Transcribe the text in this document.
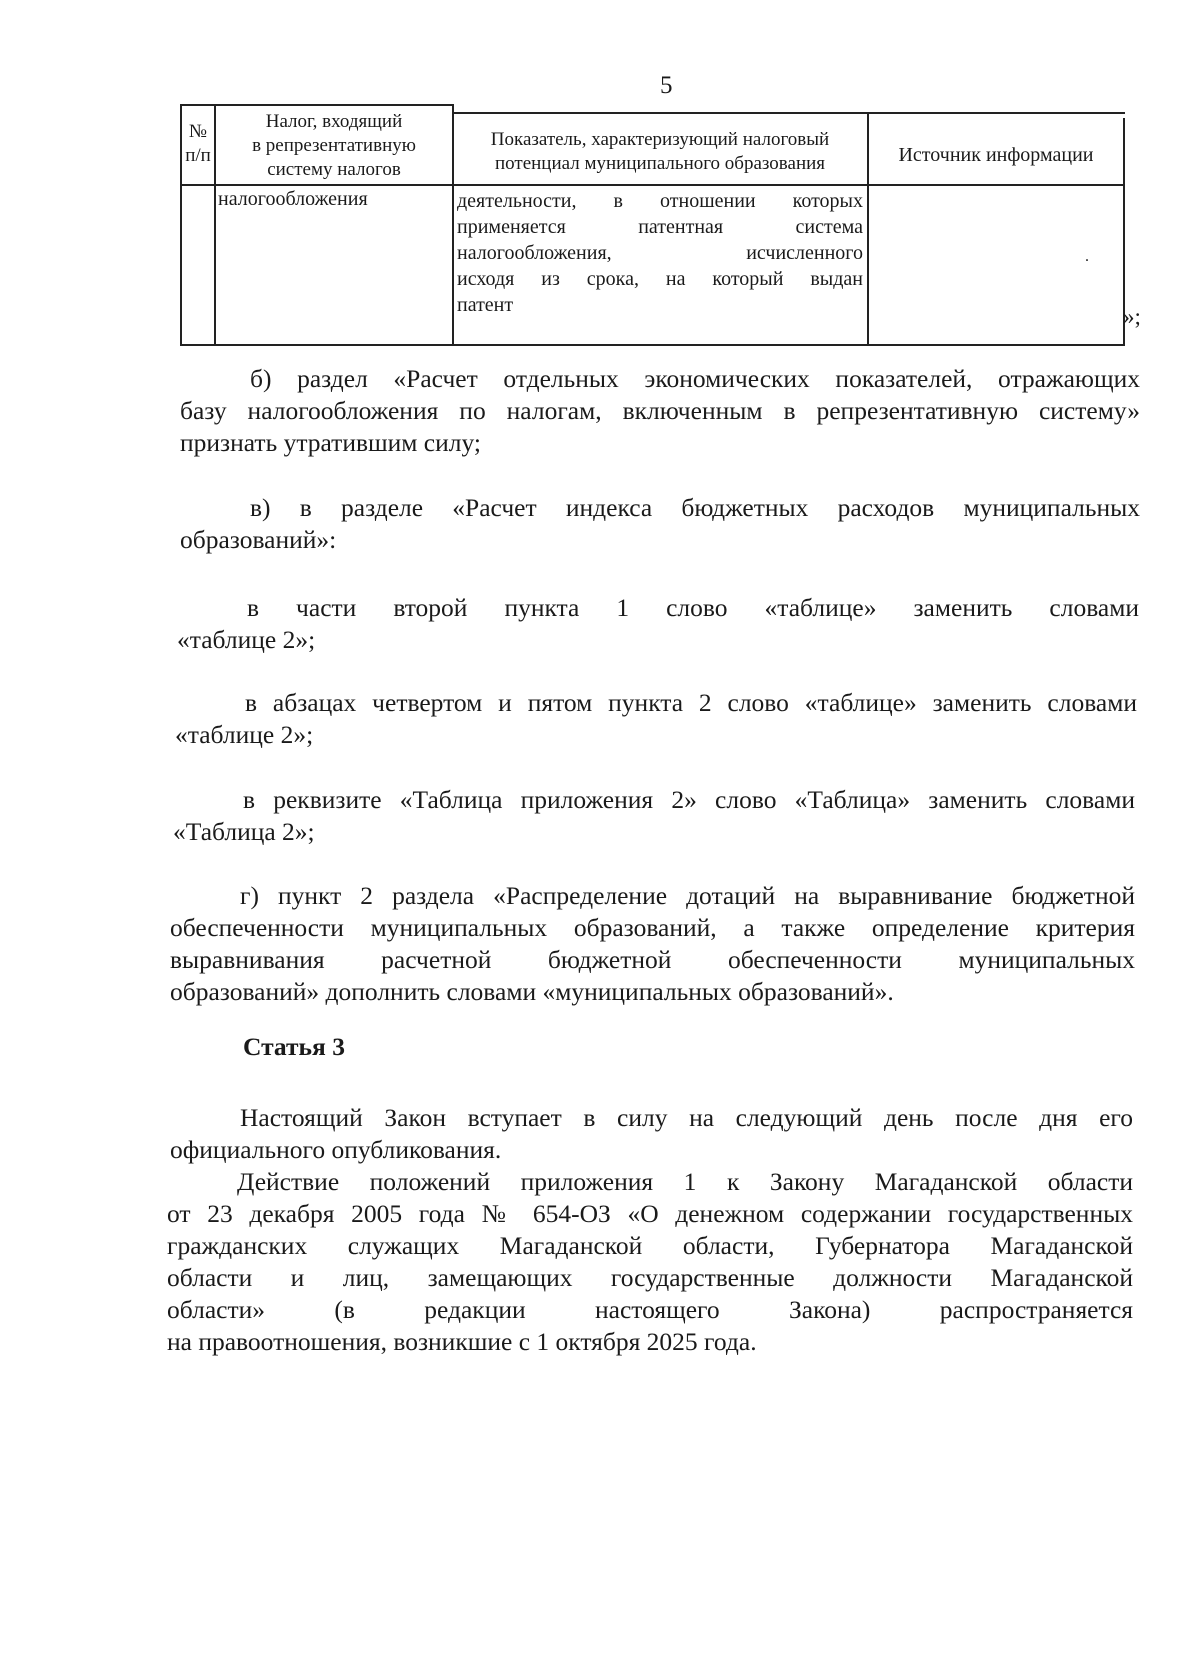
5
№
п/п
Налог, входящий
в репрезентативную
систему налогов
Показатель, характеризующий налоговый
потенциал муниципального образования	Источник информации
налогообложения	деятельности, в отношении которых
применяется патентная система
налогообложения, исчисленного
исходя из срока, на который выдан
патент
.
»;
б) раздел «Расчет отдельных экономических показателей, отражающих
базу налогообложения по налогам, включенным в репрезентативную систему»
признать утратившим силу;
в) в разделе «Расчет индекса бюджетных расходов муниципальных
образований»:
в части второй пункта 1 слово «таблице» заменить словами
«таблице 2»;
в абзацах четвертом и пятом пункта 2 слово «таблице» заменить словами
«таблице 2»;
в реквизите «Таблица приложения 2» слово «Таблица» заменить словами
«Таблица 2»;
г) пункт 2 раздела «Распределение дотаций на выравнивание бюджетной
обеспеченности муниципальных образований, а также определение критерия
выравнивания расчетной бюджетной обеспеченности муниципальных
образований» дополнить словами «муниципальных образований».
Статья 3
Настоящий Закон вступает в силу на следующий день после дня его
официального опубликования.
Действие положений приложения 1 к Закону Магаданской области
от 23 декабря 2005 года № 654-ОЗ «О денежном содержании государственных
гражданских служащих Магаданской области, Губернатора Магаданской
области и лиц, замещающих государственные должности Магаданской
области» (в редакции настоящего Закона) распространяется
на правоотношения, возникшие с 1 октября 2025 года.
